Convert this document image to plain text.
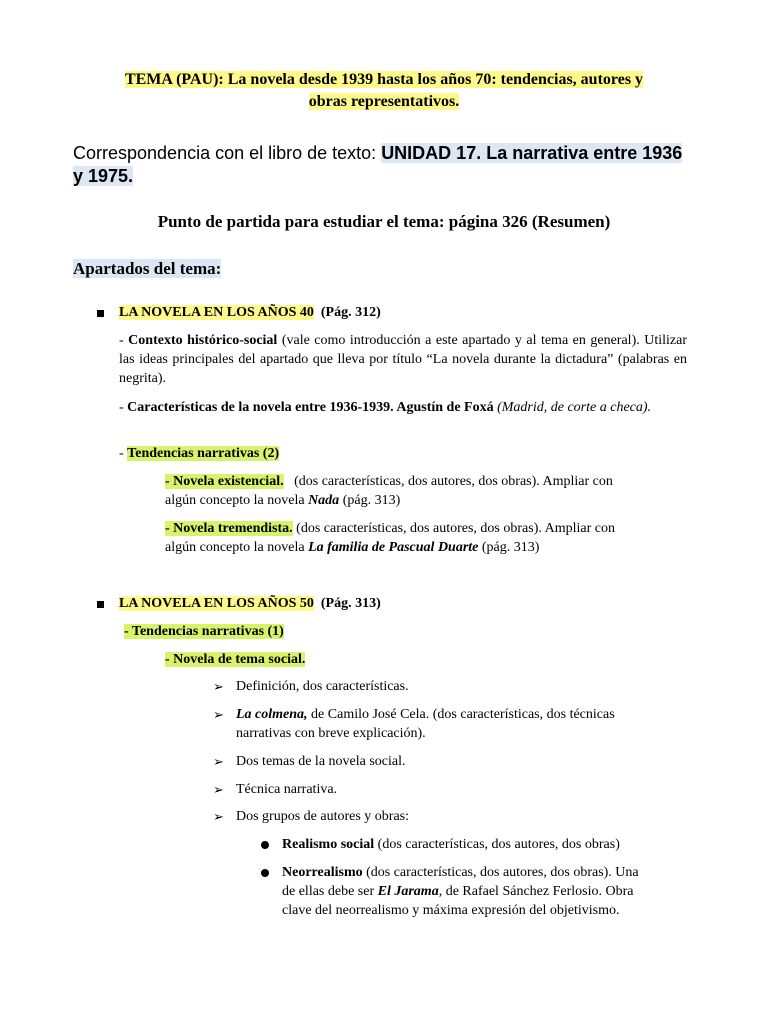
TEMA (PAU): La novela desde 1939 hasta los años 70: tendencias, autores y
obras representativos.
Correspondencia con el libro de texto: UNIDAD 17. La narrativa entre 1936
y 1975.
Punto de partida para estudiar el tema: página 326 (Resumen)
Apartados del tema:
LA NOVELA EN LOS AÑOS 40 (Pág. 312)
- Contexto histórico-social (vale como introducción a este apartado y al tema en general). Utilizar las ideas principales del apartado que lleva por título “La novela durante la dictadura” (palabras en negrita).
- Características de la novela entre 1936-1939. Agustín de Foxá (Madrid, de corte a checa).
- Tendencias narrativas (2)
- Novela existencial.   (dos características, dos autores, dos obras). Ampliar con
algún concepto la novela Nada (pág. 313)
- Novela tremendista. (dos características, dos autores, dos obras). Ampliar con
algún concepto la novela La familia de Pascual Duarte (pág. 313)
LA NOVELA EN LOS AÑOS 50 (Pág. 313)
- Tendencias narrativas (1)
- Novela de tema social.
➢ Definición, dos características.
➢ La colmena, de Camilo José Cela. (dos características, dos técnicas
narrativas con breve explicación).
➢ Dos temas de la novela social.
➢ Técnica narrativa.
➢ Dos grupos de autores y obras:
Realismo social (dos características, dos autores, dos obras)
Neorrealismo (dos características, dos autores, dos obras). Una
de ellas debe ser El Jarama, de Rafael Sánchez Ferlosio. Obra
clave del neorrealismo y máxima expresión del objetivismo.
